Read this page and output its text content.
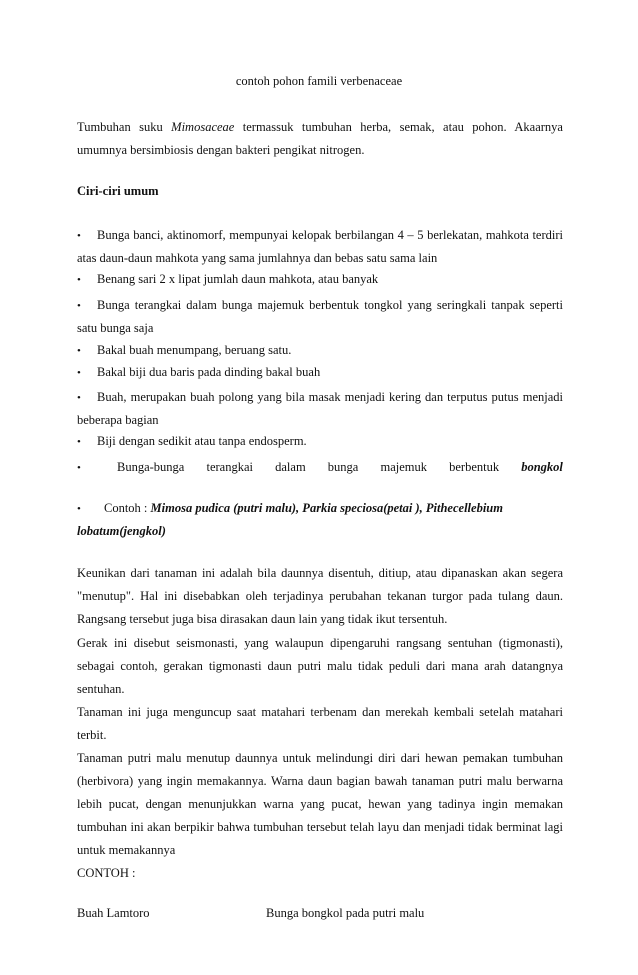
contoh pohon famili verbenaceae
Tumbuhan suku Mimosaceae termassuk tumbuhan herba, semak, atau pohon. Akaarnya
umumnya bersimbiosis dengan bakteri pengikat nitrogen.
Ciri-ciri umum
• Bunga banci, aktinomorf, mempunyai kelopak berbilangan 4 – 5 berlekatan, mahkota terdiri
atas daun-daun mahkota yang sama jumlahnya dan bebas satu sama lain
• Benang sari 2 x lipat jumlah daun mahkota, atau banyak
• Bunga terangkai dalam bunga majemuk berbentuk tongkol yang seringkali tanpak seperti
satu bunga saja
• Bakal buah menumpang, beruang satu.
• Bakal biji dua baris pada dinding bakal buah
• Buah, merupakan buah polong yang bila masak menjadi kering dan terputus putus menjadi
beberapa bagian
• Biji dengan sedikit atau tanpa endosperm.
•	Bunga-bunga terangkai dalam bunga majemuk berbentuk bongkol
• Contoh : Mimosa pudica (putri malu), Parkia speciosa(petai ), Pithecellebium
lobatum(jengkol)
Keunikan dari tanaman ini adalah bila daunnya disentuh, ditiup, atau dipanaskan akan segera
"menutup". Hal ini disebabkan oleh terjadinya perubahan tekanan turgor pada tulang daun.
Rangsang tersebut juga bisa dirasakan daun lain yang tidak ikut tersentuh.
Gerak ini disebut seismonasti, yang walaupun dipengaruhi rangsang sentuhan (tigmonasti),
sebagai contoh, gerakan tigmonasti daun putri malu tidak peduli dari mana arah datangnya
sentuhan.
Tanaman ini juga menguncup saat matahari terbenam dan merekah kembali setelah matahari
terbit.
Tanaman putri malu menutup daunnya untuk melindungi diri dari hewan pemakan tumbuhan
(herbivora) yang ingin memakannya. Warna daun bagian bawah tanaman putri malu berwarna
lebih pucat, dengan menunjukkan warna yang pucat, hewan yang tadinya ingin memakan
tumbuhan ini akan berpikir bahwa tumbuhan tersebut telah layu dan menjadi tidak berminat lagi
untuk memakannya
CONTOH :
Buah Lamtoro	Bunga bongkol pada putri malu
